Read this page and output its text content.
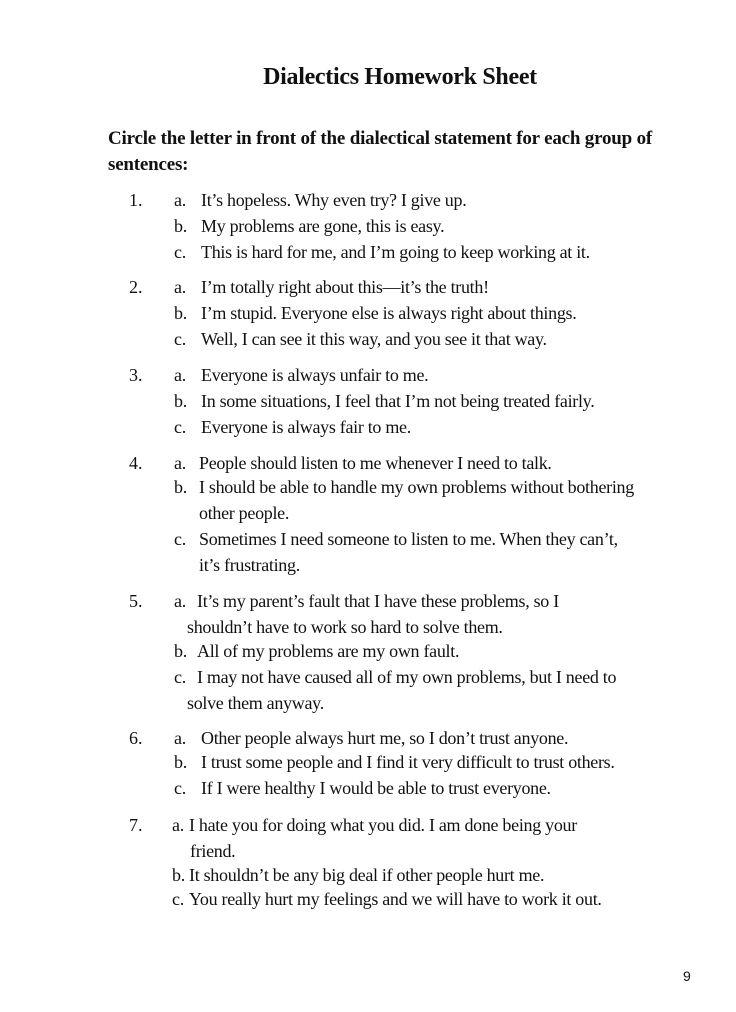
Dialectics Homework Sheet
Circle the letter in front of the dialectical statement for each group of sentences:
1. a. It’s hopeless. Why even try? I give up.
b. My problems are gone, this is easy.
c. This is hard for me, and I’m going to keep working at it.
2. a. I’m totally right about this—it’s the truth!
b. I’m stupid. Everyone else is always right about things.
c. Well, I can see it this way, and you see it that way.
3. a. Everyone is always unfair to me.
b. In some situations, I feel that I’m not being treated fairly.
c. Everyone is always fair to me.
4. a. People should listen to me whenever I need to talk.
b. I should be able to handle my own problems without bothering
other people.
c. Sometimes I need someone to listen to me. When they can’t,
it’s frustrating.
5. a. It’s my parent’s fault that I have these problems, so I
shouldn’t have to work so hard to solve them.
b. All of my problems are my own fault.
c. I may not have caused all of my own problems, but I need to
solve them anyway.
6. a. Other people always hurt me, so I don’t trust anyone.
b. I trust some people and I find it very difficult to trust others.
c. If I were healthy I would be able to trust everyone.
7. a. I hate you for doing what you did. I am done being your
friend.
b. It shouldn’t be any big deal if other people hurt me.
c. You really hurt my feelings and we will have to work it out.
9
